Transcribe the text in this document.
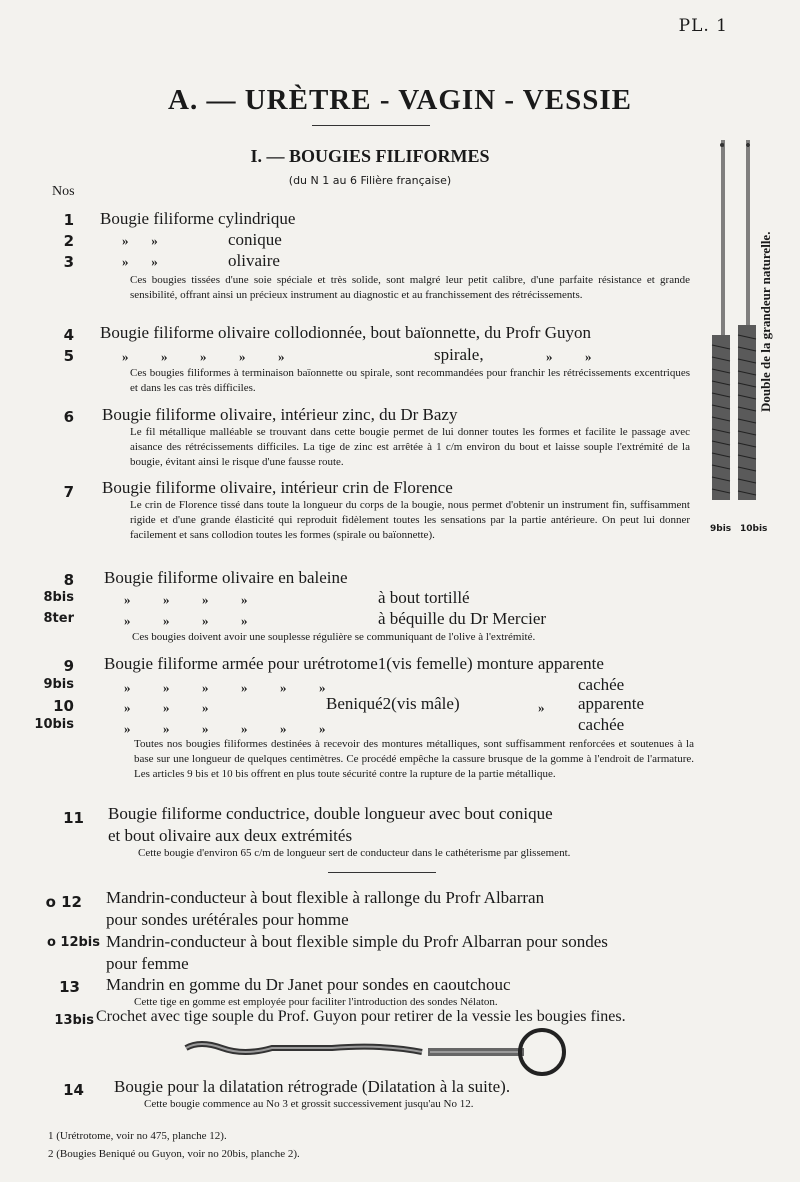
PL. 1
A. — URÈTRE - VAGIN - VESSIE
I. — BOUGIES FILIFORMES
(du N 1 au 6 Filière française)
Nos
Double de la grandeur naturelle.
9bis 10bis
1 Bougie filiforme cylindrique
2	»       »	conique
3	»       »	olivaire
Ces bougies tissées d'une soie spéciale et très solide, sont malgré leur petit calibre, d'une parfaite résistance et grande sensibilité, offrant ainsi un précieux instrument au diagnostic et au franchissement des rétrécissements.
4 Bougie filiforme olivaire collodionnée, bout baïonnette, du Profr Guyon
5	»          »          »          »          »	spirale,	»          »
Ces bougies filiformes à terminaison baïonnette ou spirale, sont recommandées pour franchir les rétrécissements excentriques et dans les cas très difficiles.
6 Bougie filiforme olivaire, intérieur zinc, du Dr Bazy
Le fil métallique malléable se trouvant dans cette bougie permet de lui donner toutes les formes et facilite le passage avec aisance des rétrécissements difficiles. La tige de zinc est arrêtée à 1 c/m environ du bout et laisse souple l'extrémité de la bougie, évitant ainsi le risque d'une fausse route.
7 Bougie filiforme olivaire, intérieur crin de Florence
Le crin de Florence tissé dans toute la longueur du corps de la bougie, nous permet d'obtenir un instrument fin, suffisamment rigide et d'une grande élasticité qui reproduit fidèlement toutes les sensations par la partie antérieure. On peut lui donner facilement et sans collodion toutes les formes (spirale ou baïonnette).
8 Bougie filiforme olivaire en baleine
8bis	»          »          »          »	à bout tortillé
8ter	»          »          »          »	à béquille du Dr Mercier
Ces bougies doivent avoir une souplesse régulière se communiquant de l'olive à l'extrémité.
9 Bougie filiforme armée pour urétrotome1(vis femelle) monture apparente
9bis	»          »          »          »          »          »	cachée
10	»          »          »	Beniqué2(vis mâle)	» apparente
10bis	»          »          »          »          »          »	cachée
Toutes nos bougies filiformes destinées à recevoir des montures métalliques, sont suffisamment renforcées et soutenues à la base sur une longueur de quelques centimètres. Ce procédé empêche la cassure brusque de la gomme à l'endroit de l'armature. Les articles 9 bis et 10 bis offrent en plus toute sécurité contre la rupture de la partie métallique.
11 Bougie filiforme conductrice, double longueur avec bout conique
et bout olivaire aux deux extrémités
Cette bougie d'environ 65 c/m de longueur sert de conducteur dans le cathéterisme par glissement.
o 12 Mandrin-conducteur à bout flexible à rallonge du Profr Albarran
pour sondes urétérales pour homme
o 12bis Mandrin-conducteur à bout flexible simple du Profr Albarran pour sondes
pour femme
13 Mandrin en gomme du Dr Janet pour sondes en caoutchouc
Cette tige en gomme est employée pour faciliter l'introduction des sondes Nélaton.
13bis Crochet avec tige souple du Prof. Guyon pour retirer de la vessie les bougies fines.
14 Bougie pour la dilatation rétrograde (Dilatation à la suite).
Cette bougie commence au No 3 et grossit successivement jusqu'au No 12.
1 (Urétrotome, voir no 475, planche 12).
2 (Bougies Beniqué ou Guyon, voir no 20bis, planche 2).
